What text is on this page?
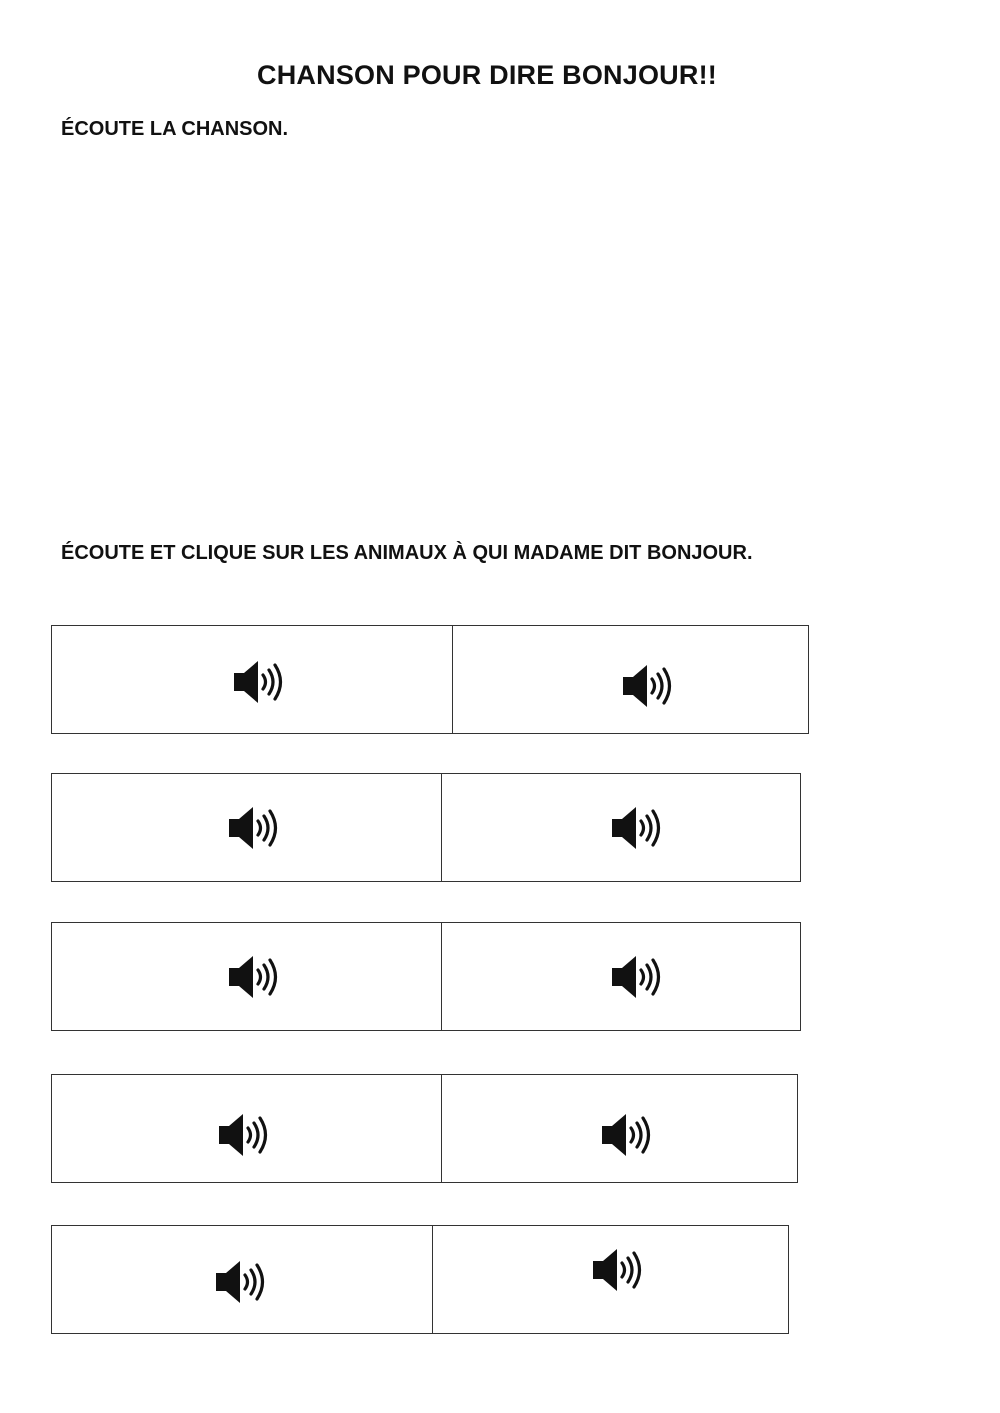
CHANSON POUR DIRE BONJOUR!!
ÉCOUTE LA CHANSON.
ÉCOUTE ET CLIQUE SUR LES ANIMAUX À QUI MADAME DIT BONJOUR.
